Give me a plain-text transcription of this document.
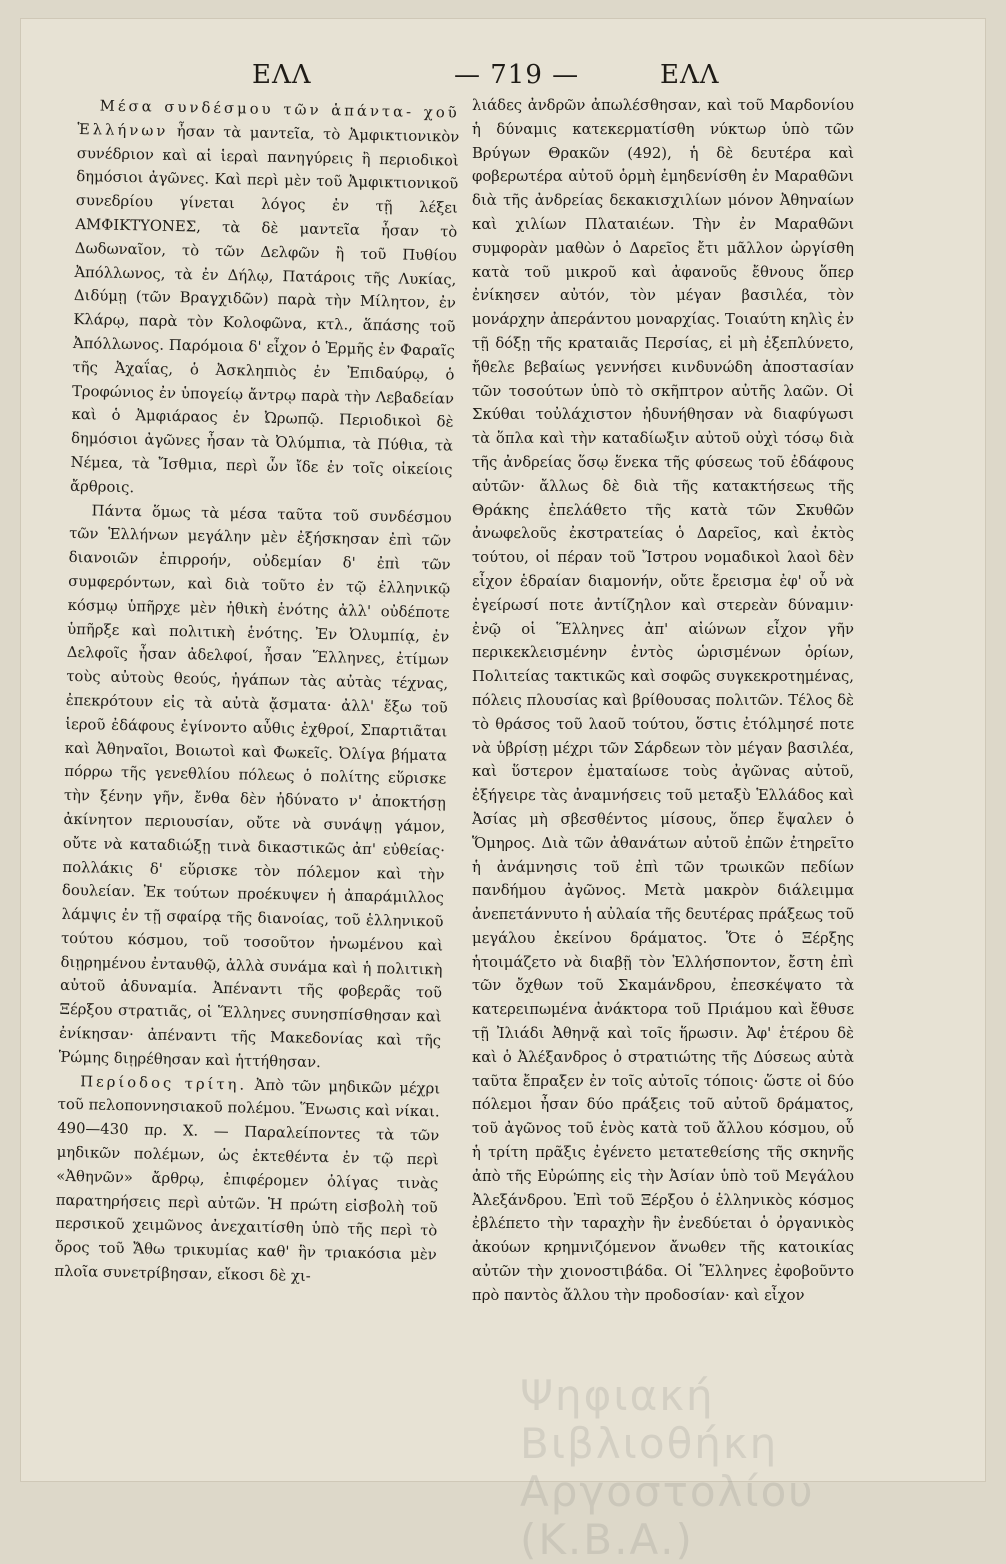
ΕΛΛ	— 719 —	ΕΛΛ

Μέσα συνδέσμου τῶν ἁπάντα- χοῦ Ἑλλήνων ἦσαν τὰ μαντεῖα, τὸ Ἀμφικτιονικὸν συνέδριον καὶ αἱ ἱεραὶ πανηγύρεις ἢ περιοδικοὶ δημόσιοι ἀγῶνες. Καὶ περὶ μὲν τοῦ Ἀμφικτιονικοῦ συνεδρίου γίνεται λόγος ἐν τῇ λέξει ΑΜΦΙΚΤΥΟΝΕΣ, τὰ δὲ μαντεῖα ἦσαν τὸ Δωδωναῖον, τὸ τῶν Δελφῶν ἢ τοῦ Πυθίου Ἀπόλλωνος, τὰ ἐν Δήλῳ, Πατάροις τῆς Λυκίας, Διδύμῃ (τῶν Βραγχιδῶν) παρὰ τὴν Μίλητον, ἐν Κλάρῳ, παρὰ τὸν Κολοφῶνα, κτλ., ἅπάσης τοῦ Ἀπόλλωνος. Παρόμοια δ' εἶχον ὁ Ἑρμῆς ἐν Φαραῖς τῆς Ἀχαΐας, ὁ Ἀσκληπιὸς ἐν Ἐπιδαύρῳ, ὁ Τροφώνιος ἐν ὑπογείῳ ἄντρῳ παρὰ τὴν Λεβαδείαν καὶ ὁ Ἀμφιάραος ἐν Ὠρωπῷ. Περιοδικοὶ δὲ δημόσιοι ἀγῶνες ἦσαν τὰ Ὀλύμπια, τὰ Πύθια, τὰ Νέμεα, τὰ Ἴσθμια, περὶ ὧν ἴδε ἐν τοῖς οἰκείοις ἄρθροις.

Πάντα ὅμως τὰ μέσα ταῦτα τοῦ συνδέσμου τῶν Ἑλλήνων μεγάλην μὲν ἐξήσκησαν ἐπὶ τῶν διανοιῶν ἐπιρροήν, οὐδεμίαν δ' ἐπὶ τῶν συμφερόντων, καὶ διὰ τοῦτο ἐν τῷ ἑλληνικῷ κόσμῳ ὑπῆρχε μὲν ἠθικὴ ἑνότης ἀλλ' οὐδέποτε ὑπῆρξε καὶ πολιτικὴ ἑνότης. Ἐν Ὀλυμπίᾳ, ἐν Δελφοῖς ἦσαν ἀδελφοί, ἦσαν Ἕλληνες, ἐτίμων τοὺς αὐτοὺς θεούς, ἠγάπων τὰς αὐτὰς τέχνας, ἐπεκρότουν εἰς τὰ αὐτὰ ᾄσματα· ἀλλ' ἔξω τοῦ ἱεροῦ ἐδάφους ἐγίνοντο αὖθις ἐχθροί, Σπαρτιᾶται καὶ Ἀθηναῖοι, Βοιωτοὶ καὶ Φωκεῖς. Ὀλίγα βήματα πόρρω τῆς γενεθλίου πόλεως ὁ πολίτης εὕρισκε τὴν ξένην γῆν, ἔνθα δὲν ἠδύνατο ν' ἀποκτήσῃ ἀκίνητον περιουσίαν, οὔτε νὰ συνάψῃ γάμον, οὔτε νὰ καταδιώξῃ τινὰ δικαστικῶς ἀπ' εὐθείας· πολλάκις δ' εὕρισκε τὸν πόλεμον καὶ τὴν δουλείαν. Ἐκ τούτων προέκυψεν ἡ ἀπαράμιλλος λάμψις ἐν τῇ σφαίρᾳ τῆς διανοίας, τοῦ ἑλληνικοῦ τούτου κόσμου, τοῦ τοσοῦτον ἠνωμένου καὶ διῃρημένου ἐνταυθῷ, ἀλλὰ συνάμα καὶ ἡ πολιτικὴ αὐτοῦ ἀδυναμία. Ἀπέναντι τῆς φοβερᾶς τοῦ Ξέρξου στρατιᾶς, οἱ Ἕλληνες συνησπίσθησαν καὶ ἐνίκησαν· ἀπέναντι τῆς Μακεδονίας καὶ τῆς Ῥώμης διῃρέθησαν καὶ ἡττήθησαν.

Περίοδος τρίτη. Ἀπὸ τῶν μηδικῶν μέχρι τοῦ πελοποννησιακοῦ πολέμου. Ἕνωσις καὶ νίκαι. 490—430 πρ. Χ. — Παραλείποντες τὰ τῶν μηδικῶν πολέμων, ὡς ἐκτεθέντα ἐν τῷ περὶ «Ἀθηνῶν» ἄρθρῳ, ἐπιφέρομεν ὀλίγας τινὰς παρατηρήσεις περὶ αὐτῶν. Ἡ πρώτη εἰσβολὴ τοῦ περσικοῦ χειμῶνος ἀνεχαιτίσθη ὑπὸ τῆς περὶ τὸ ὄρος τοῦ Ἄθω τρικυμίας καθ' ἣν τριακόσια μὲν πλοῖα συνετρίβησαν, εἴκοσι δὲ χι-

λιάδες ἀνδρῶν ἀπωλέσθησαν, καὶ τοῦ Μαρδονίου ἡ δύναμις κατεκερματίσθη νύκτωρ ὑπὸ τῶν Βρύγων Θρακῶν (492), ἡ δὲ δευτέρα καὶ φοβερωτέρα αὐτοῦ ὁρμὴ ἐμηδενίσθη ἐν Μαραθῶνι διὰ τῆς ἀνδρείας δεκακισχιλίων μόνον Ἀθηναίων καὶ χιλίων Πλαταιέων. Τὴν ἐν Μαραθῶνι συμφορὰν μαθὼν ὁ Δαρεῖος ἔτι μᾶλλον ὠργίσθη κατὰ τοῦ μικροῦ καὶ ἀφανοῦς ἔθνους ὅπερ ἐνίκησεν αὐτόν, τὸν μέγαν βασιλέα, τὸν μονάρχην ἀπεράντου μοναρχίας. Τοιαύτη κηλὶς ἐν τῇ δόξῃ τῆς κραταιᾶς Περσίας, εἰ μὴ ἐξεπλύνετο, ἤθελε βεβαίως γεννήσει κινδυνώδη ἀποστασίαν τῶν τοσούτων ὑπὸ τὸ σκῆπτρον αὐτῆς λαῶν. Οἱ Σκύθαι τοὐλάχιστον ἠδυνήθησαν νὰ διαφύγωσι τὰ ὅπλα καὶ τὴν καταδίωξιν αὐτοῦ οὐχὶ τόσῳ διὰ τῆς ἀνδρείας ὅσῳ ἕνεκα τῆς φύσεως τοῦ ἐδάφους αὐτῶν· ἄλλως δὲ διὰ τῆς κατακτήσεως τῆς Θράκης ἐπελάθετο τῆς κατὰ τῶν Σκυθῶν ἀνωφελοῦς ἐκστρατείας ὁ Δαρεῖος, καὶ ἐκτὸς τούτου, οἱ πέραν τοῦ Ἴστρου νομαδικοὶ λαοὶ δὲν εἶχον ἑδραίαν διαμονήν, οὔτε ἔρεισμα ἐφ' οὗ νὰ ἐγείρωσί ποτε ἀντίζηλον καὶ στερεὰν δύναμιν· ἐνῷ οἱ Ἕλληνες ἀπ' αἰώνων εἶχον γῆν περικεκλεισμένην ἐντὸς ὡρισμένων ὁρίων, Πολιτείας τακτικῶς καὶ σοφῶς συγκεκροτημένας, πόλεις πλουσίας καὶ βρίθουσας πολιτῶν. Τέλος δὲ τὸ θράσος τοῦ λαοῦ τούτου, ὅστις ἐτόλμησέ ποτε νὰ ὑβρίσῃ μέχρι τῶν Σάρδεων τὸν μέγαν βασιλέα, καὶ ὕστερον ἐματαίωσε τοὺς ἀγῶνας αὐτοῦ, ἐξήγειρε τὰς ἀναμνήσεις τοῦ μεταξὺ Ἑλλάδος καὶ Ἀσίας μὴ σβεσθέντος μίσους, ὅπερ ἔψαλεν ὁ Ὅμηρος. Διὰ τῶν ἀθανάτων αὐτοῦ ἐπῶν ἐτηρεῖτο ἡ ἀνάμνησις τοῦ ἐπὶ τῶν τρωικῶν πεδίων πανδήμου ἀγῶνος. Μετὰ μακρὸν διάλειμμα ἀνεπετάννυτο ἡ αὐλαία τῆς δευτέρας πράξεως τοῦ μεγάλου ἐκείνου δράματος. Ὅτε ὁ Ξέρξης ἡτοιμάζετο νὰ διαβῇ τὸν Ἑλλήσποντον, ἔστη ἐπὶ τῶν ὄχθων τοῦ Σκαμάνδρου, ἐπεσκέψατο τὰ κατερειπωμένα ἀνάκτορα τοῦ Πριάμου καὶ ἔθυσε τῇ Ἰλιάδι Ἀθηνᾷ καὶ τοῖς ἥρωσιν. Ἀφ' ἑτέρου δὲ καὶ ὁ Ἀλέξανδρος ὁ στρατιώτης τῆς Δύσεως αὐτὰ ταῦτα ἔπραξεν ἐν τοῖς αὐτοῖς τόποις· ὥστε οἱ δύο πόλεμοι ἦσαν δύο πράξεις τοῦ αὐτοῦ δράματος, τοῦ ἀγῶνος τοῦ ἑνὸς κατὰ τοῦ ἄλλου κόσμου, οὗ ἡ τρίτη πρᾶξις ἐγένετο μετατεθείσης τῆς σκηνῆς ἀπὸ τῆς Εὐρώπης εἰς τὴν Ἀσίαν ὑπὸ τοῦ Μεγάλου Ἀλεξάνδρου. Ἐπὶ τοῦ Ξέρξου ὁ ἑλληνικὸς κόσμος ἐβλέπετο τὴν ταραχὴν ἣν ἐνεδύεται ὁ ὀργανικὸς ἀκούων κρημνιζόμενον ἄνωθεν τῆς κατοικίας αὐτῶν τὴν χιονοστιβάδα. Οἱ Ἕλληνες ἐφοβοῦντο πρὸ παντὸς ἄλλου τὴν προδοσίαν· καὶ εἶχον

Ψηφιακή Βιβλιοθήκη
Αργοστολίου (Κ.Β.Α.)
